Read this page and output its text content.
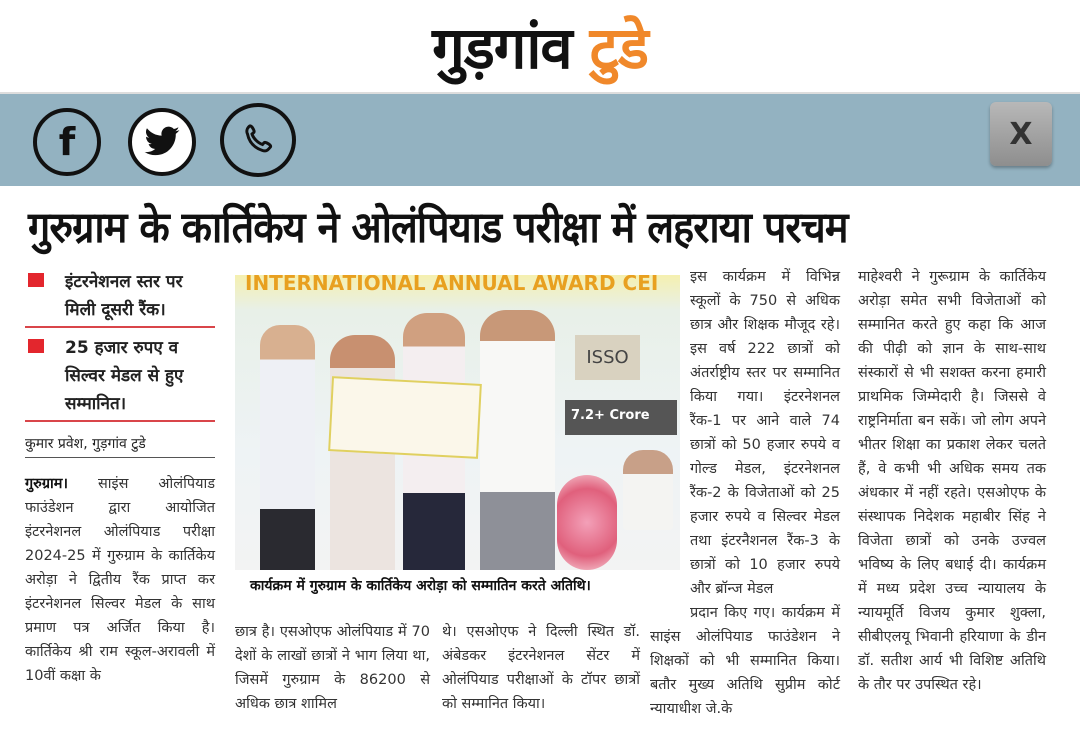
गुड़गांव टुडे
f	X
गुरुग्राम के कार्तिकेय ने ओलंपियाड परीक्षा में लहराया परचम
इंटरनेशनल स्तर पर मिली दूसरी रैंक।
25 हजार रुपए व सिल्वर मेडल से हुए सम्मानित।
कुमार प्रवेश, गुड़गांव टुडे
गुरुग्राम। साइंस ओलंपियाड फाउंडेशन द्वारा आयोजित इंटरनेशनल ओलंपियाड परीक्षा 2024-25 में गुरुग्राम के कार्तिकेय अरोड़ा ने द्वितीय रैंक प्राप्त कर इंटरनेशनल सिल्वर मेडल के साथ प्रमाण पत्र अर्जित किया है। कार्तिकेय श्री राम स्कूल-अरावली में 10वीं कक्षा के
INTERNATIONAL ANNUAL AWARD CEI
ISSO
7.2+ Crore
कार्यक्रम में गुरुग्राम के कार्तिकेय अरोड़ा को सम्मातिन करते अतिथि।
छात्र है। एसओएफ ओलंपियाड में 70 देशों के लाखों छात्रों ने भाग लिया था, जिसमें गुरुग्राम के 86200 से अधिक छात्र शामिल
थे। एसओएफ ने दिल्ली स्थित डॉ. अंबेडकर इंटरनेशनल सेंटर में ओलंपियाड परीक्षाओं के टॉपर छात्रों को सम्मानित किया।
इस कार्यक्रम में विभिन्न स्कूलों के 750 से अधिक छात्र और शिक्षक मौजूद रहे। इस वर्ष 222 छात्रों को अंतर्राष्ट्रीय स्तर पर सम्मानित किया गया। इंटरनेशनल रैंक-1 पर आने वाले 74 छात्रों को 50 हजार रुपये व गोल्ड मेडल, इंटरनेशनल रैंक-2 के विजेताओं को 25 हजार रुपये व सिल्वर मेडल तथा इंटरनैशनल रैंक-3 के छात्रों को 10 हजार रुपये और ब्रॉन्ज मेडल
प्रदान किए गए। कार्यक्रम में साइंस ओलंपियाड फाउंडेशन ने शिक्षकों को भी सम्मानित किया। बतौर मुख्य अतिथि सुप्रीम कोर्ट न्यायाधीश जे.के
माहेश्वरी ने गुरूग्राम के कार्तिकेय अरोड़ा समेत सभी विजेताओं को सम्मानित करते हुए कहा कि आज की पीढ़ी को ज्ञान के साथ-साथ संस्कारों से भी सशक्त करना हमारी प्राथमिक जिम्मेदारी है। जिससे वे राष्ट्रनिर्माता बन सकें। जो लोग अपने भीतर शिक्षा का प्रकाश लेकर चलते हैं, वे कभी भी अधिक समय तक अंधकार में नहीं रहते। एसओएफ के संस्थापक निदेशक महाबीर सिंह ने विजेता छात्रों को उनके उज्वल भविष्य के लिए बधाई दी। कार्यक्रम में मध्य प्रदेश उच्च न्यायालय के न्यायमूर्ति विजय कुमार शुक्ला, सीबीएलयू भिवानी हरियाणा के डीन डॉ. सतीश आर्य भी विशिष्ट अतिथि के तौर पर उपस्थित रहे।
